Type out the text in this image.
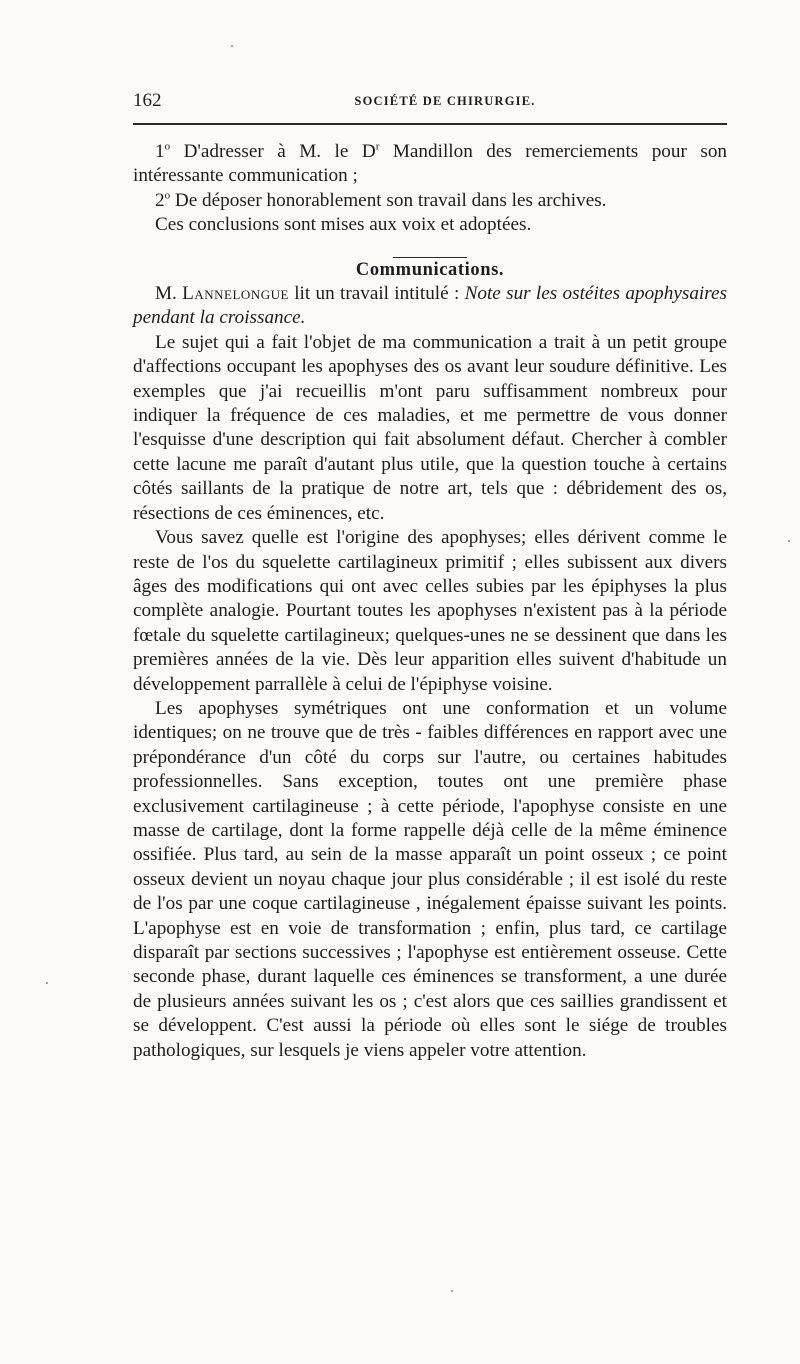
162	SOCIÉTÉ DE CHIRURGIE.

1$^o$ D'adresser à M. le $D^r$ Mandillon des remerciements pour son intéressante communication ;

2$^o$ De déposer honorablement son travail dans les archives.

Ces conclusions sont mises aux voix et adoptées.

Communications.

M. Lannelongue lit un travail intitulé : Note sur les ostéites apophysaires pendant la croissance.

Le sujet qui a fait l'objet de ma communication a trait à un petit groupe d'affections occupant les apophyses des os avant leur soudure définitive. Les exemples que j'ai recueillis m'ont paru suffisamment nombreux pour indiquer la fréquence de ces maladies, et me permettre de vous donner l'esquisse d'une description qui fait absolument défaut. Chercher à combler cette lacune me paraît d'autant plus utile, que la question touche à certains côtés saillants de la pratique de notre art, tels que : débridement des os, résections de ces éminences, etc.

Vous savez quelle est l'origine des apophyses; elles dérivent comme le reste de l'os du squelette cartilagineux primitif ; elles subissent aux divers âges des modifications qui ont avec celles subies par les épiphyses la plus complète analogie. Pourtant toutes les apophyses n'existent pas à la période fœtale du squelette cartilagineux; quelques-unes ne se dessinent que dans les premières années de la vie. Dès leur apparition elles suivent d'habitude un développement parrallèle à celui de l'épiphyse voisine.

Les apophyses symétriques ont une conformation et un volume identiques; on ne trouve que de très - faibles différences en rapport avec une prépondérance d'un côté du corps sur l'autre, ou certaines habitudes professionnelles. Sans exception, toutes ont une première phase exclusivement cartilagineuse ; à cette période, l'apophyse consiste en une masse de cartilage, dont la forme rappelle déjà celle de la même éminence ossifiée. Plus tard, au sein de la masse apparaît un point osseux ; ce point osseux devient un noyau chaque jour plus considérable ; il est isolé du reste de l'os par une coque cartilagineuse , inégalement épaisse suivant les points. L'apophyse est en voie de transformation ; enfin, plus tard, ce cartilage disparaît par sections successives ; l'apophyse est entièrement osseuse. Cette seconde phase, durant laquelle ces éminences se transforment, a une durée de plusieurs années suivant les os ; c'est alors que ces saillies grandissent et se développent. C'est aussi la période où elles sont le siége de troubles pathologiques, sur lesquels je viens appeler votre attention.
